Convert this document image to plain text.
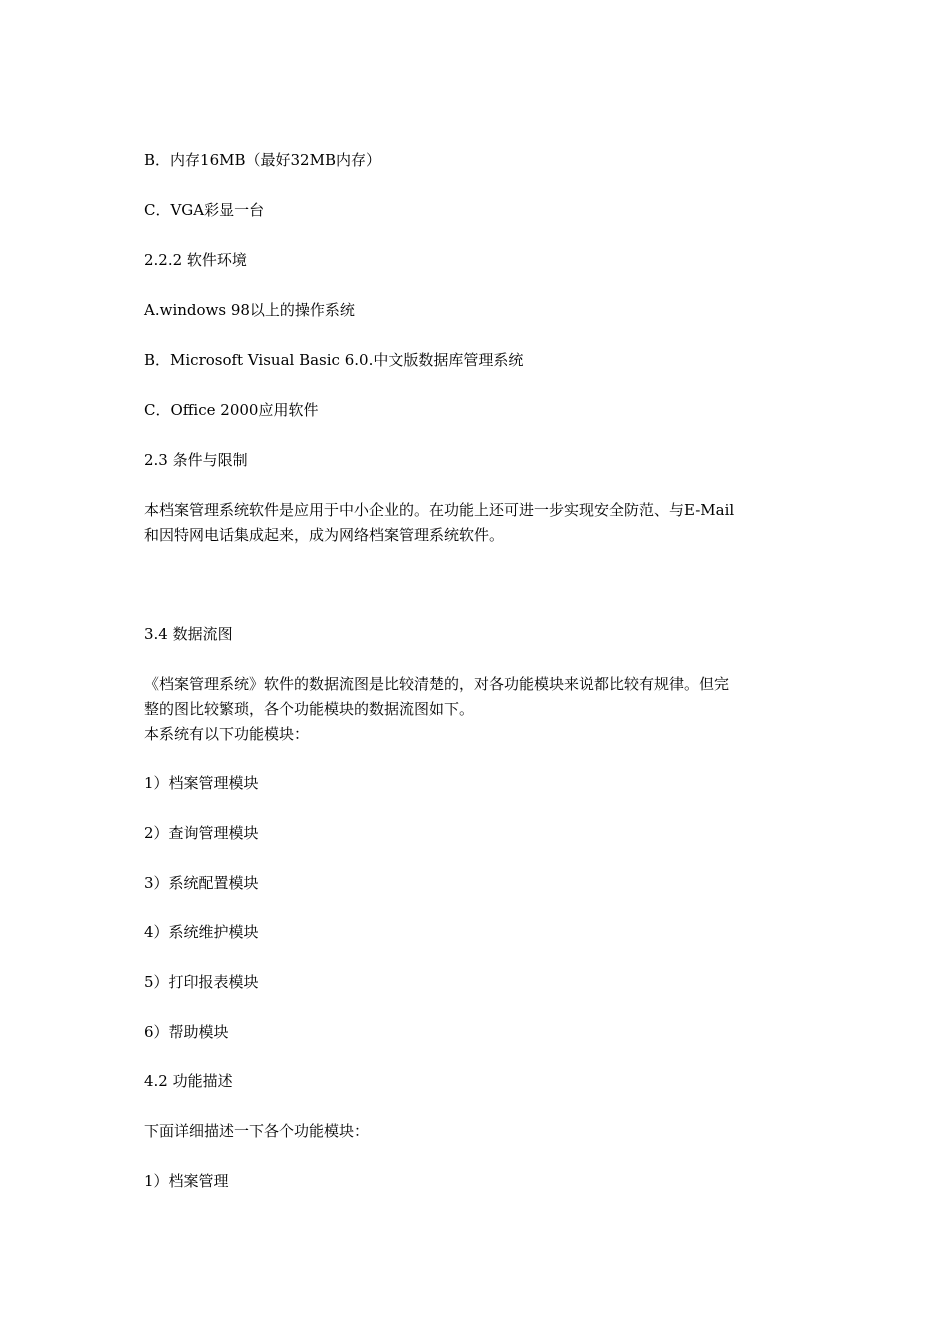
B．内存16MB（最好32MB内存）

C．VGA彩显一台

2.2.2 软件环境

A.windows 98以上的操作系统

B．Microsoft Visual Basic 6.0.中文版数据库管理系统

C．Office 2000应用软件

2.3 条件与限制

本档案管理系统软件是应用于中小企业的。在功能上还可进一步实现安全防范、与E-Mail

和因特网电话集成起来，成为网络档案管理系统软件。

3.4 数据流图

《档案管理系统》软件的数据流图是比较清楚的，对各功能模块来说都比较有规律。但完

整的图比较繁琐，各个功能模块的数据流图如下。

本系统有以下功能模块：

1）档案管理模块

2）查询管理模块

3）系统配置模块

4）系统维护模块

5）打印报表模块

6）帮助模块

4.2 功能描述

下面详细描述一下各个功能模块：

1）档案管理
